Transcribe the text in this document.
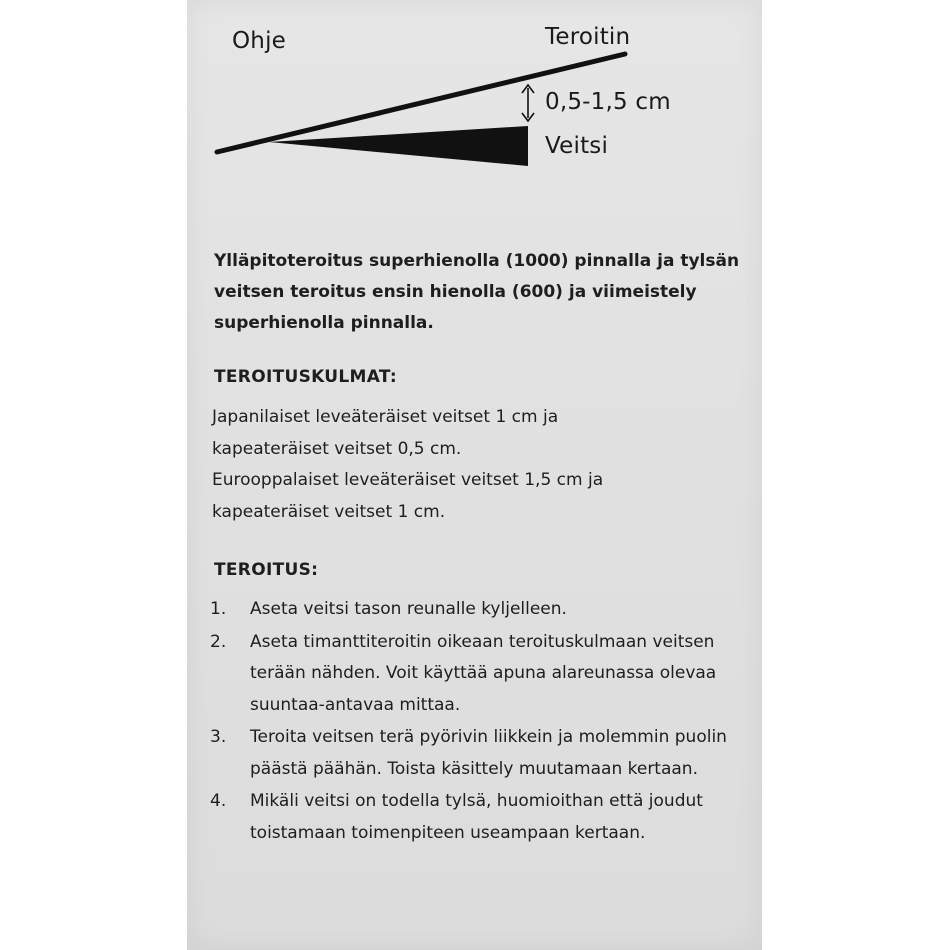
Ohje	Teroitin
0,5-1,5 cm
Veitsi

Ylläpitoteroitus superhienolla (1000) pinnalla ja tylsän veitsen teroitus ensin hienolla (600) ja viimeistely superhienolla pinnalla.

TEROITUSKULMAT:

Japanilaiset leveäteräiset veitset 1 cm ja
kapeateräiset veitset 0,5 cm.
Eurooppalaiset leveäteräiset veitset 1,5 cm ja
kapeateräiset veitset 1 cm.

TEROITUS:
1. Aseta veitsi tason reunalle kyljelleen.
2. Aseta timanttiteroitin oikeaan teroituskulmaan veitsen terään nähden. Voit käyttää apuna alareunassa olevaa suuntaa-antavaa mittaa.
3. Teroita veitsen terä pyörivin liikkein ja molemmin puolin päästä päähän. Toista käsittely muutamaan kertaan.
4. Mikäli veitsi on todella tylsä, huomioithan että joudut toistamaan toimenpiteen useampaan kertaan.
